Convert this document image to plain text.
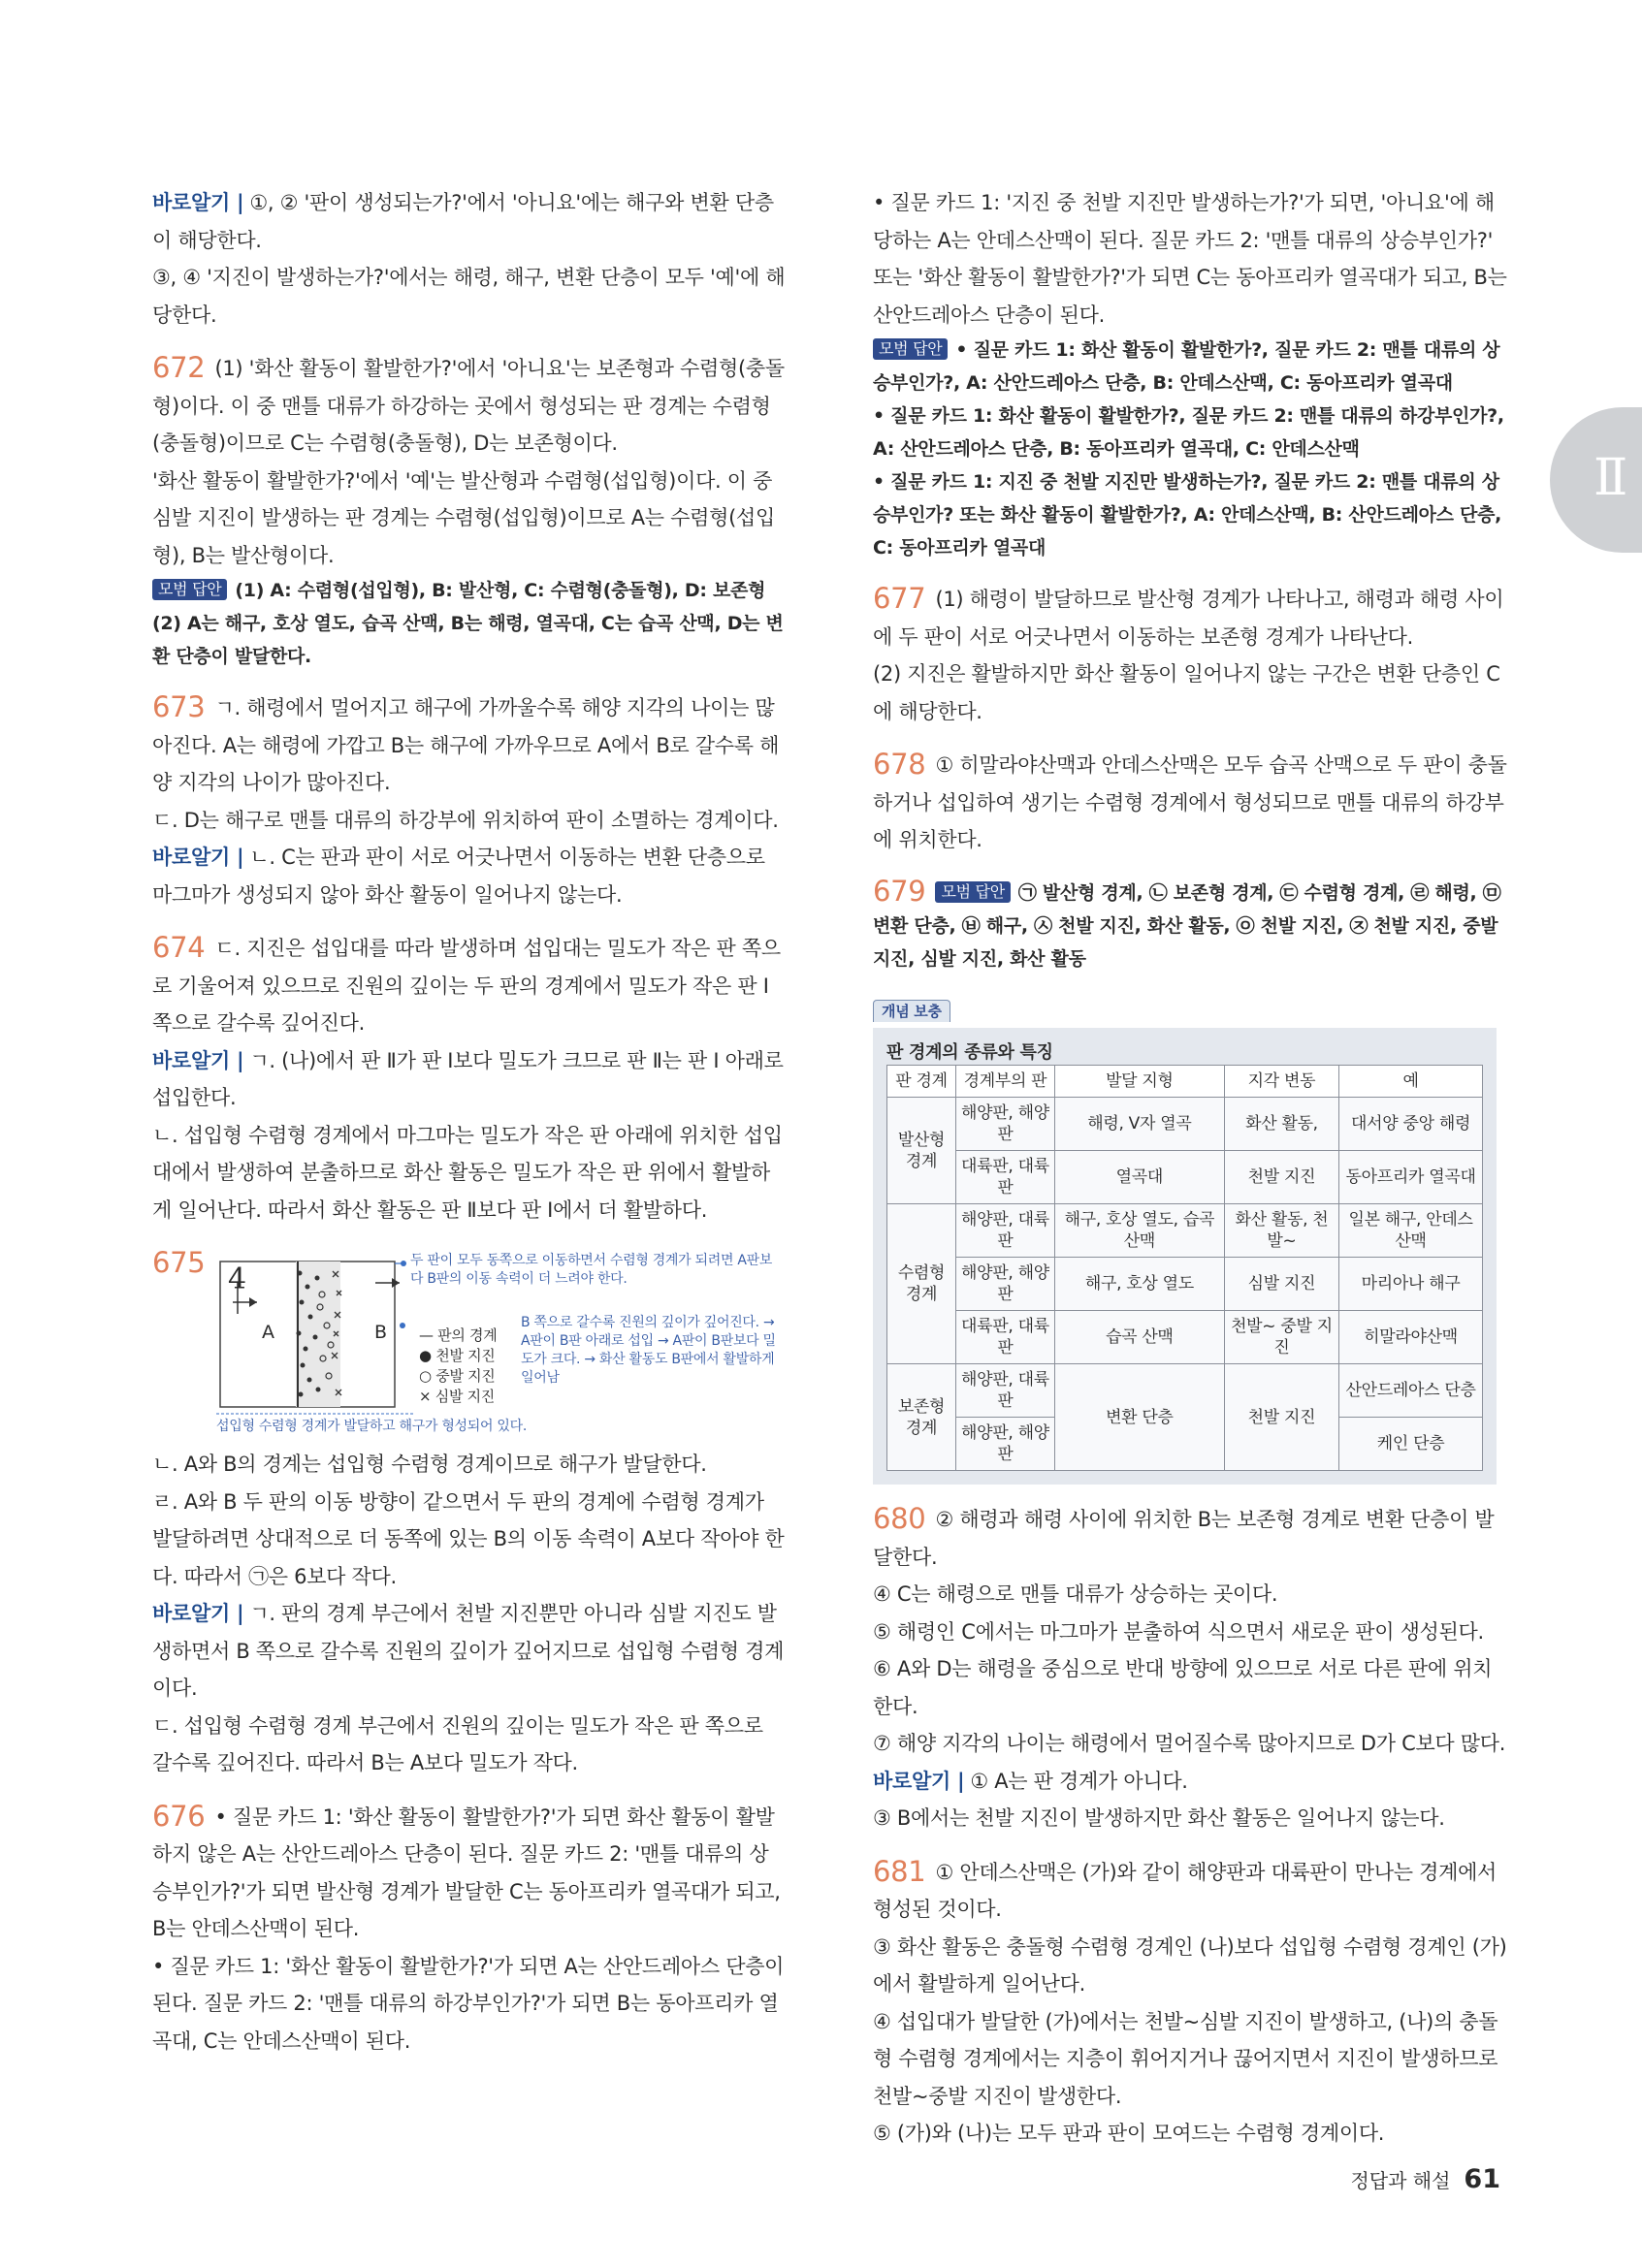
바로알기 | ①, ② '판이 생성되는가?'에서 '아니요'에는 해구와 변환 단층이 해당한다.

③, ④ '지진이 발생하는가?'에서는 해령, 해구, 변환 단층이 모두 '예'에 해당한다.

672 (1) '화산 활동이 활발한가?'에서 '아니요'는 보존형과 수렴형(충돌형)이다. 이 중 맨틀 대류가 하강하는 곳에서 형성되는 판 경계는 수렴형(충돌형)이므로 C는 수렴형(충돌형), D는 보존형이다.

'화산 활동이 활발한가?'에서 '예'는 발산형과 수렴형(섭입형)이다. 이 중 심발 지진이 발생하는 판 경계는 수렴형(섭입형)이므로 A는 수렴형(섭입형), B는 발산형이다.

모범 답안 (1) A: 수렴형(섭입형), B: 발산형, C: 수렴형(충돌형), D: 보존형 (2) A는 해구, 호상 열도, 습곡 산맥, B는 해령, 열곡대, C는 습곡 산맥, D는 변환 단층이 발달한다.

673 ㄱ. 해령에서 멀어지고 해구에 가까울수록 해양 지각의 나이는 많아진다. A는 해령에 가깝고 B는 해구에 가까우므로 A에서 B로 갈수록 해양 지각의 나이가 많아진다.

ㄷ. D는 해구로 맨틀 대류의 하강부에 위치하여 판이 소멸하는 경계이다.

바로알기 | ㄴ. C는 판과 판이 서로 어긋나면서 이동하는 변환 단층으로 마그마가 생성되지 않아 화산 활동이 일어나지 않는다.

674 ㄷ. 지진은 섭입대를 따라 발생하며 섭입대는 밀도가 작은 판 쪽으로 기울어져 있으므로 진원의 깊이는 두 판의 경계에서 밀도가 작은 판 Ⅰ 쪽으로 갈수록 깊어진다.

바로알기 | ㄱ. (나)에서 판 Ⅱ가 판 Ⅰ보다 밀도가 크므로 판 Ⅱ는 판 Ⅰ 아래로 섭입한다.

ㄴ. 섭입형 수렴형 경계에서 마그마는 밀도가 작은 판 아래에 위치한 섭입대에서 발생하여 분출하므로 화산 활동은 밀도가 작은 판 위에서 활발하게 일어난다. 따라서 화산 활동은 판 Ⅱ보다 판 Ⅰ에서 더 활발하다.

675 4
A	B
두 판이 모두 동쪽으로 이동하면서 수렴형 경계가 되려면 A판보다 B판의 이동 속력이 더 느려야 한다.
B 쪽으로 갈수록 진원의 깊이가 깊어진다. → A판이 B판 아래로 섭입 → A판이 B판보다 밀도가 크다. → 화산 활동도 B판에서 활발하게 일어남
— 판의 경계
● 천발 지진
○ 중발 지진
× 심발 지진
섭입형 수렴형 경계가 발달하고 해구가 형성되어 있다.

ㄴ. A와 B의 경계는 섭입형 수렴형 경계이므로 해구가 발달한다.

ㄹ. A와 B 두 판의 이동 방향이 같으면서 두 판의 경계에 수렴형 경계가 발달하려면 상대적으로 더 동쪽에 있는 B의 이동 속력이 A보다 작아야 한다. 따라서 ㉠은 6보다 작다.

바로알기 | ㄱ. 판의 경계 부근에서 천발 지진뿐만 아니라 심발 지진도 발생하면서 B 쪽으로 갈수록 진원의 깊이가 깊어지므로 섭입형 수렴형 경계이다.

ㄷ. 섭입형 수렴형 경계 부근에서 진원의 깊이는 밀도가 작은 판 쪽으로 갈수록 깊어진다. 따라서 B는 A보다 밀도가 작다.

676 • 질문 카드 1: '화산 활동이 활발한가?'가 되면 화산 활동이 활발하지 않은 A는 산안드레아스 단층이 된다. 질문 카드 2: '맨틀 대류의 상승부인가?'가 되면 발산형 경계가 발달한 C는 동아프리카 열곡대가 되고, B는 안데스산맥이 된다.

• 질문 카드 1: '화산 활동이 활발한가?'가 되면 A는 산안드레아스 단층이 된다. 질문 카드 2: '맨틀 대류의 하강부인가?'가 되면 B는 동아프리카 열곡대, C는 안데스산맥이 된다.

• 질문 카드 1: '지진 중 천발 지진만 발생하는가?'가 되면, '아니요'에 해당하는 A는 안데스산맥이 된다. 질문 카드 2: '맨틀 대류의 상승부인가?' 또는 '화산 활동이 활발한가?'가 되면 C는 동아프리카 열곡대가 되고, B는 산안드레아스 단층이 된다.

모범 답안 • 질문 카드 1: 화산 활동이 활발한가?, 질문 카드 2: 맨틀 대류의 상승부인가?, A: 산안드레아스 단층, B: 안데스산맥, C: 동아프리카 열곡대

• 질문 카드 1: 화산 활동이 활발한가?, 질문 카드 2: 맨틀 대류의 하강부인가?, A: 산안드레아스 단층, B: 동아프리카 열곡대, C: 안데스산맥

• 질문 카드 1: 지진 중 천발 지진만 발생하는가?, 질문 카드 2: 맨틀 대류의 상승부인가? 또는 화산 활동이 활발한가?, A: 안데스산맥, B: 산안드레아스 단층, C: 동아프리카 열곡대

677 (1) 해령이 발달하므로 발산형 경계가 나타나고, 해령과 해령 사이에 두 판이 서로 어긋나면서 이동하는 보존형 경계가 나타난다.

(2) 지진은 활발하지만 화산 활동이 일어나지 않는 구간은 변환 단층인 C에 해당한다.

678 ① 히말라야산맥과 안데스산맥은 모두 습곡 산맥으로 두 판이 충돌하거나 섭입하여 생기는 수렴형 경계에서 형성되므로 맨틀 대류의 하강부에 위치한다.

679 모범 답안 ㉠ 발산형 경계, ㉡ 보존형 경계, ㉢ 수렴형 경계, ㉣ 해령, ㉤ 변환 단층, ㉥ 해구, ㉦ 천발 지진, 화산 활동, ㉧ 천발 지진, ㉨ 천발 지진, 중발 지진, 심발 지진, 화산 활동

개념 보충

판 경계의 종류와 특징

판 경계	경계부의 판	발달 지형	지각 변동	예
발산형 경계	해양판, 해양판	해령, V자 열곡	화산 활동,	대서양 중앙 해령
	대륙판, 대륙판	열곡대	천발 지진	동아프리카 열곡대
수렴형 경계	해양판, 대륙판	해구, 호상 열도, 습곡 산맥	화산 활동, 천발~	일본 해구, 안데스산맥
	해양판, 해양판	해구, 호상 열도	심발 지진	마리아나 해구
	대륙판, 대륙판	습곡 산맥	천발~ 중발 지진	히말라야산맥
보존형 경계	해양판, 대륙판	변환 단층	천발 지진	산안드레아스 단층
	해양판, 해양판			케인 단층

680 ② 해령과 해령 사이에 위치한 B는 보존형 경계로 변환 단층이 발달한다.

④ C는 해령으로 맨틀 대류가 상승하는 곳이다.

⑤ 해령인 C에서는 마그마가 분출하여 식으면서 새로운 판이 생성된다.

⑥ A와 D는 해령을 중심으로 반대 방향에 있으므로 서로 다른 판에 위치한다.

⑦ 해양 지각의 나이는 해령에서 멀어질수록 많아지므로 D가 C보다 많다.

바로알기 | ① A는 판 경계가 아니다.

③ B에서는 천발 지진이 발생하지만 화산 활동은 일어나지 않는다.

681 ① 안데스산맥은 (가)와 같이 해양판과 대륙판이 만나는 경계에서 형성된 것이다.

③ 화산 활동은 충돌형 수렴형 경계인 (나)보다 섭입형 수렴형 경계인 (가)에서 활발하게 일어난다.

④ 섭입대가 발달한 (가)에서는 천발~심발 지진이 발생하고, (나)의 충돌형 수렴형 경계에서는 지층이 휘어지거나 끊어지면서 지진이 발생하므로 천발~중발 지진이 발생한다.

⑤ (가)와 (나)는 모두 판과 판이 모여드는 수렴형 경계이다.

Ⅱ
정답과 해설 61
